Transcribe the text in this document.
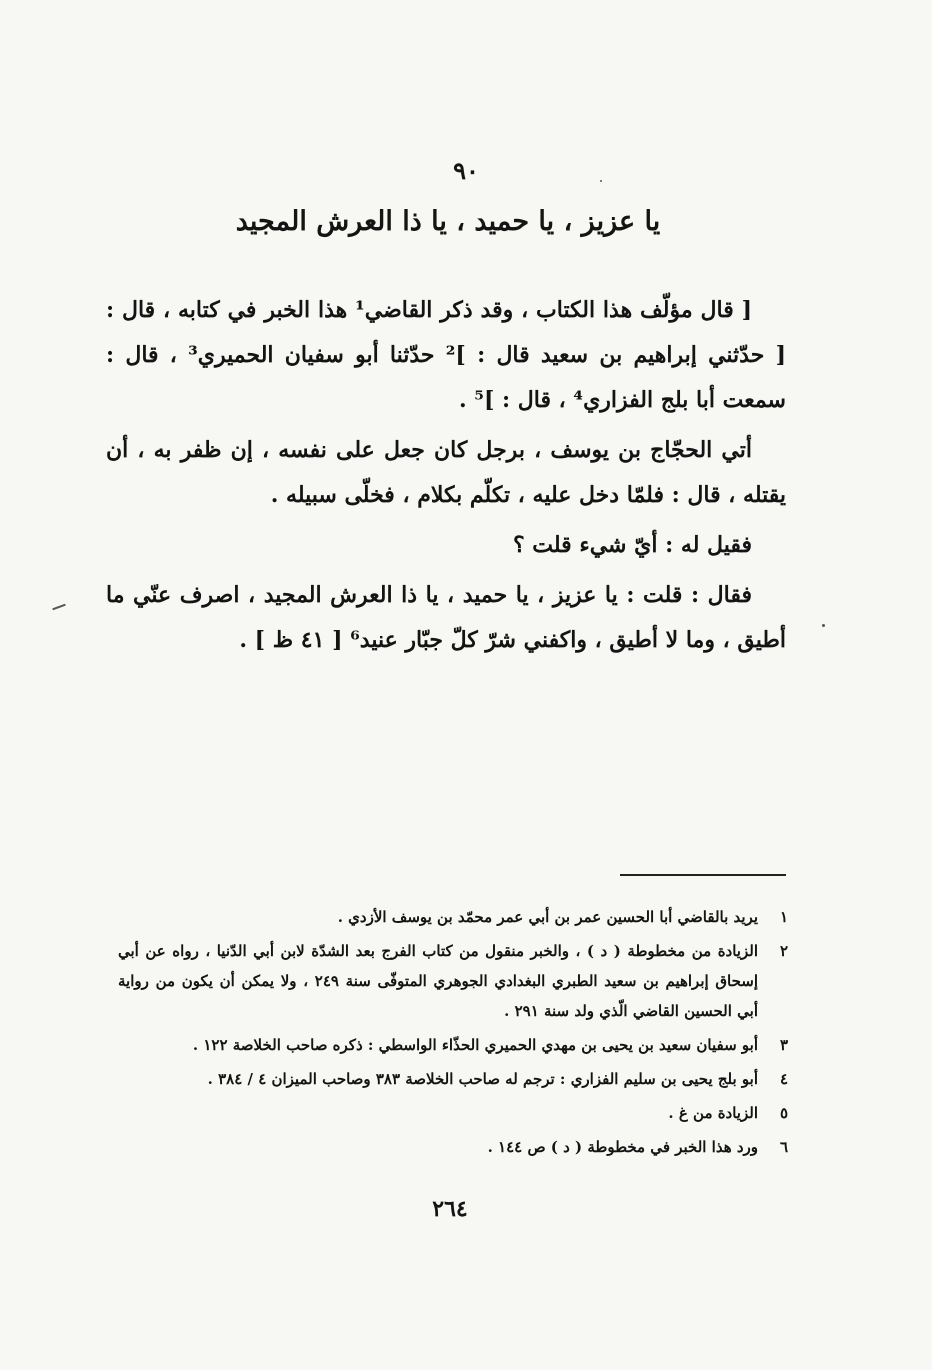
٩٠
يا عزيز ، يا حميد ، يا ذا العرش المجيد

[ قال مؤلّف هذا الكتاب ، وقد ذكر القاضي¹ هذا الخبر في كتابه ، قال : [ حدّثني إبراهيم بن سعيد قال : ]² حدّثنا أبو سفيان الحميري³ ، قال : سمعت أبا بلج الفزاري⁴ ، قال : ]⁵ .

أتي الحجّاج بن يوسف ، برجل كان جعل على نفسه ، إن ظفر به ، أن يقتله ، قال : فلمّا دخل عليه ، تكلّم بكلام ، فخلّى سبيله .

فقيل له : أيّ شيء قلت ؟

فقال : قلت : يا عزيز ، يا حميد ، يا ذا العرش المجيد ، اصرف عنّي ما أطيق ، وما لا أطيق ، واكفني شرّ كلّ جبّار عنيد⁶ [ ٤١ ظ ] .

١
يريد بالقاضي أبا الحسين عمر بن أبي عمر محمّد بن يوسف الأزدي .
٢
الزيادة من مخطوطة ( د ) ، والخبر منقول من كتاب الفرج بعد الشدّة لابن أبي الدّنيا ، رواه عن أبي إسحاق إبراهيم بن سعيد الطبري البغدادي الجوهري المتوفّى سنة ٢٤٩ ، ولا يمكن أن يكون من رواية أبي الحسين القاضي الّذي ولد سنة ٢٩١ .
٣
أبو سفيان سعيد بن يحيى بن مهدي الحميري الحذّاء الواسطي : ذكره صاحب الخلاصة ١٢٢ .
٤
أبو بلج يحيى بن سليم الفزاري : ترجم له صاحب الخلاصة ٣٨٣ وصاحب الميزان ٤ / ٣٨٤ .
٥
الزيادة من غ .
٦
ورد هذا الخبر في مخطوطة ( د ) ص ١٤٤ .
٢٦٤
